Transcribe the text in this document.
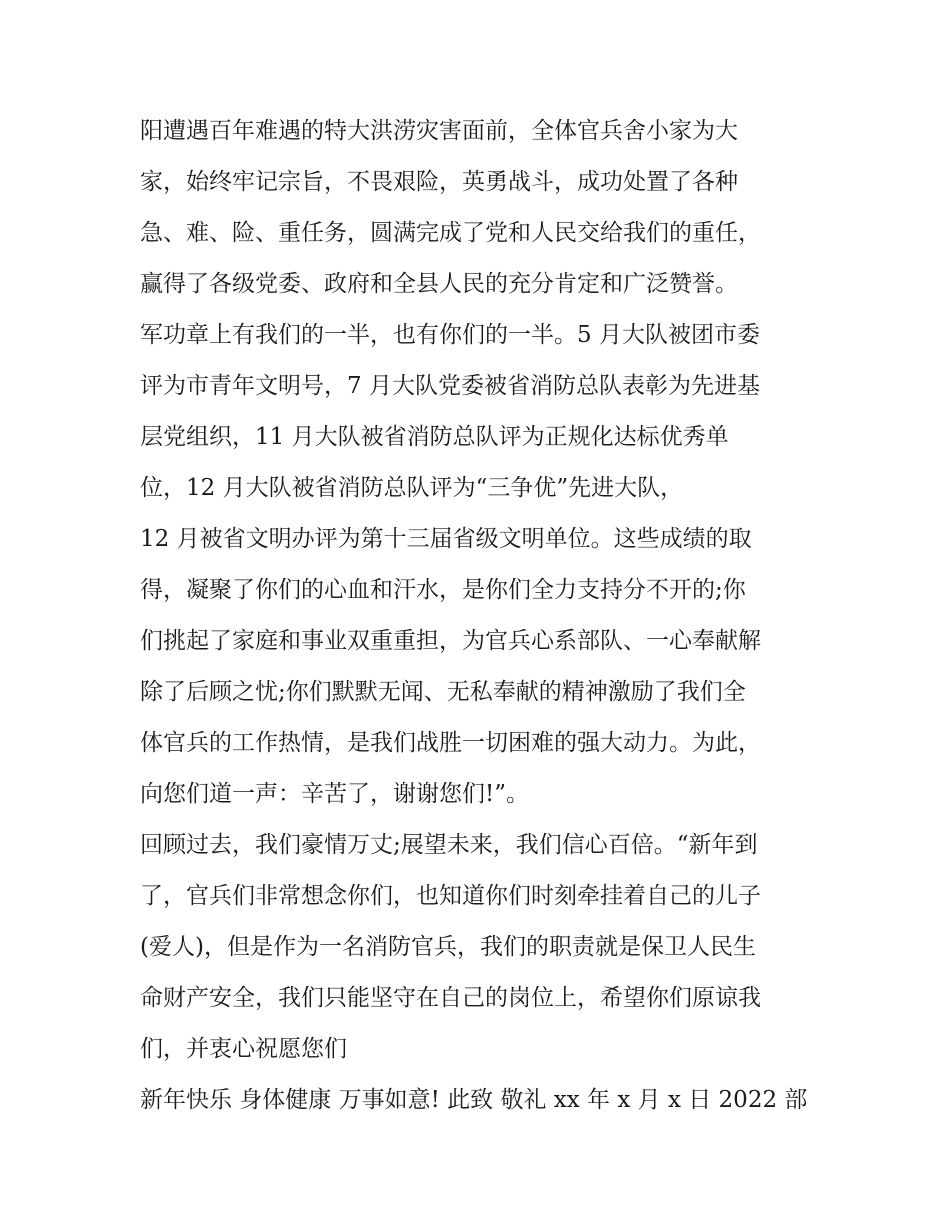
阳遭遇百年难遇的特大洪涝灾害面前，全体官兵舍小家为大
家，始终牢记宗旨，不畏艰险，英勇战斗，成功处置了各种
急、难、险、重任务，圆满完成了党和人民交给我们的重任，
赢得了各级党委、政府和全县人民的充分肯定和广泛赞誉。
军功章上有我们的一半，也有你们的一半。5 月大队被团市委
评为市青年文明号，7 月大队党委被省消防总队表彰为先进基
层党组织，11 月大队被省消防总队评为正规化达标优秀单
位，12 月大队被省消防总队评为“三争优”先进大队，
12 月被省文明办评为第十三届省级文明单位。这些成绩的取
得，凝聚了你们的心血和汗水，是你们全力支持分不开的;你
们挑起了家庭和事业双重重担，为官兵心系部队、一心奉献解
除了后顾之忧;你们默默无闻、无私奉献的精神激励了我们全
体官兵的工作热情，是我们战胜一切困难的强大动力。为此，
向您们道一声：辛苦了，谢谢您们!”。
回顾过去，我们豪情万丈;展望未来，我们信心百倍。“新年到
了，官兵们非常想念你们，也知道你们时刻牵挂着自己的儿子
(爱人)，但是作为一名消防官兵，我们的职责就是保卫人民生
命财产安全，我们只能坚守在自己的岗位上，希望你们原谅我
们，并衷心祝愿您们
新年快乐 身体健康 万事如意! 此致 敬礼 xx 年 x 月 x 日 2022 部
